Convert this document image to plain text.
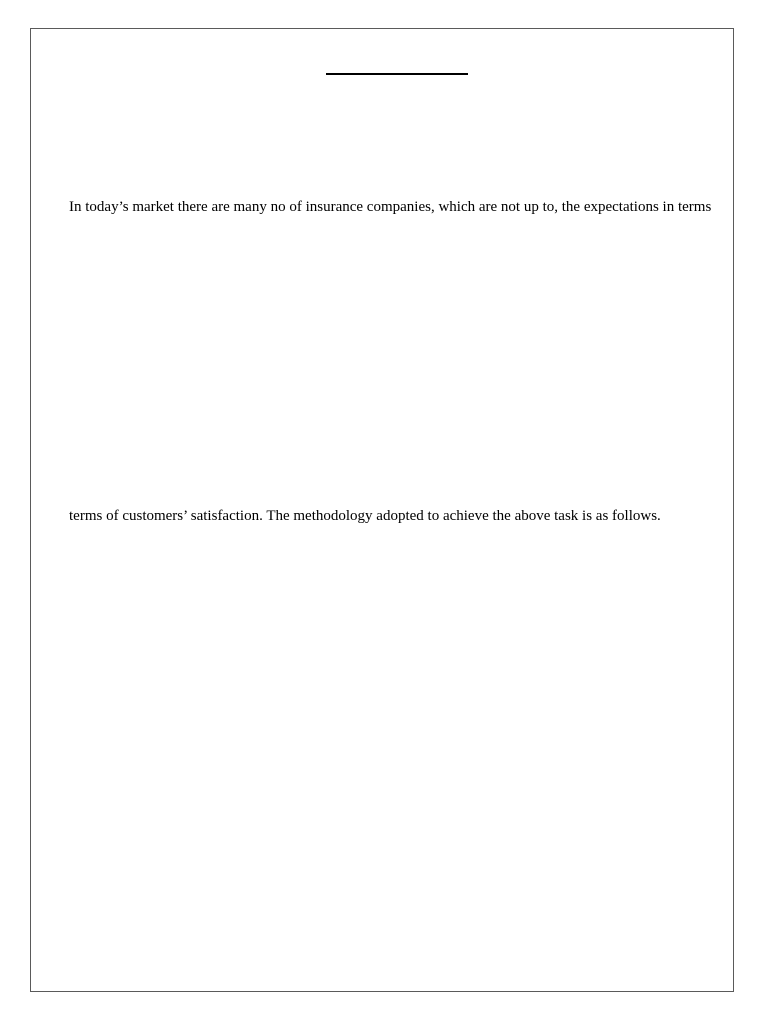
In today’s market there are many no of insurance companies, which are not up to, the expectations in terms
terms of customers’ satisfaction. The methodology adopted to achieve the above task is as follows.
